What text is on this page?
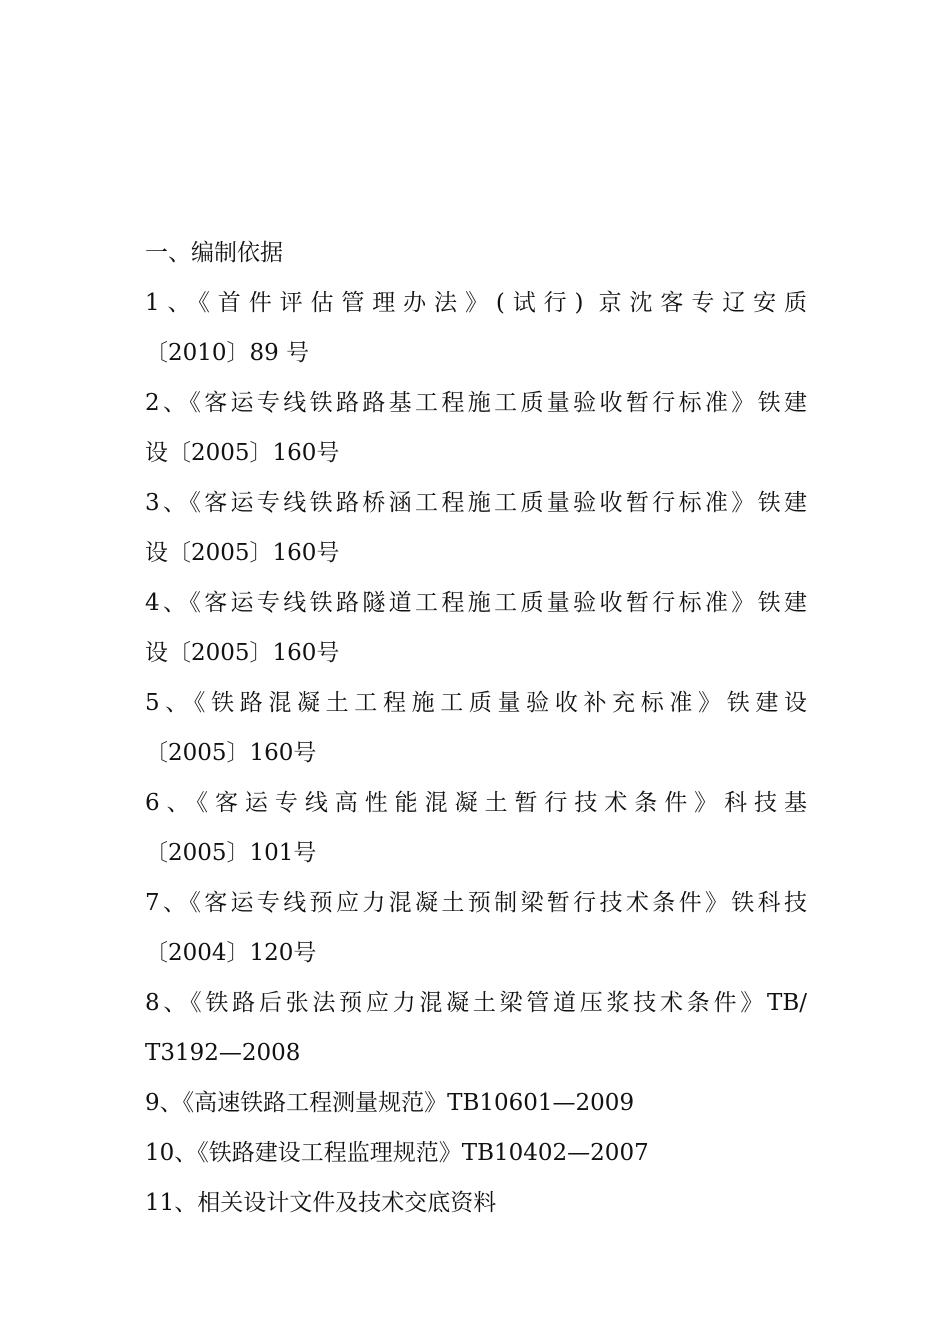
一、编制依据
1、《首件评估管理办法》(试行) 京沈客专辽安质
〔2010〕89 号
2、《客运专线铁路路基工程施工质量验收暂行标准》铁建
设〔2005〕160号
3、《客运专线铁路桥涵工程施工质量验收暂行标准》铁建
设〔2005〕160号
4、《客运专线铁路隧道工程施工质量验收暂行标准》铁建
设〔2005〕160号
5、《铁路混凝土工程施工质量验收补充标准》铁建设
〔2005〕160号
6、《客运专线高性能混凝土暂行技术条件》科技基
〔2005〕101号
7、《客运专线预应力混凝土预制梁暂行技术条件》铁科技
〔2004〕120号
8、《铁路后张法预应力混凝土梁管道压浆技术条件》TB/
T3192—2008
9、《高速铁路工程测量规范》TB10601—2009
10、《铁路建设工程监理规范》TB10402—2007
11、相关设计文件及技术交底资料
